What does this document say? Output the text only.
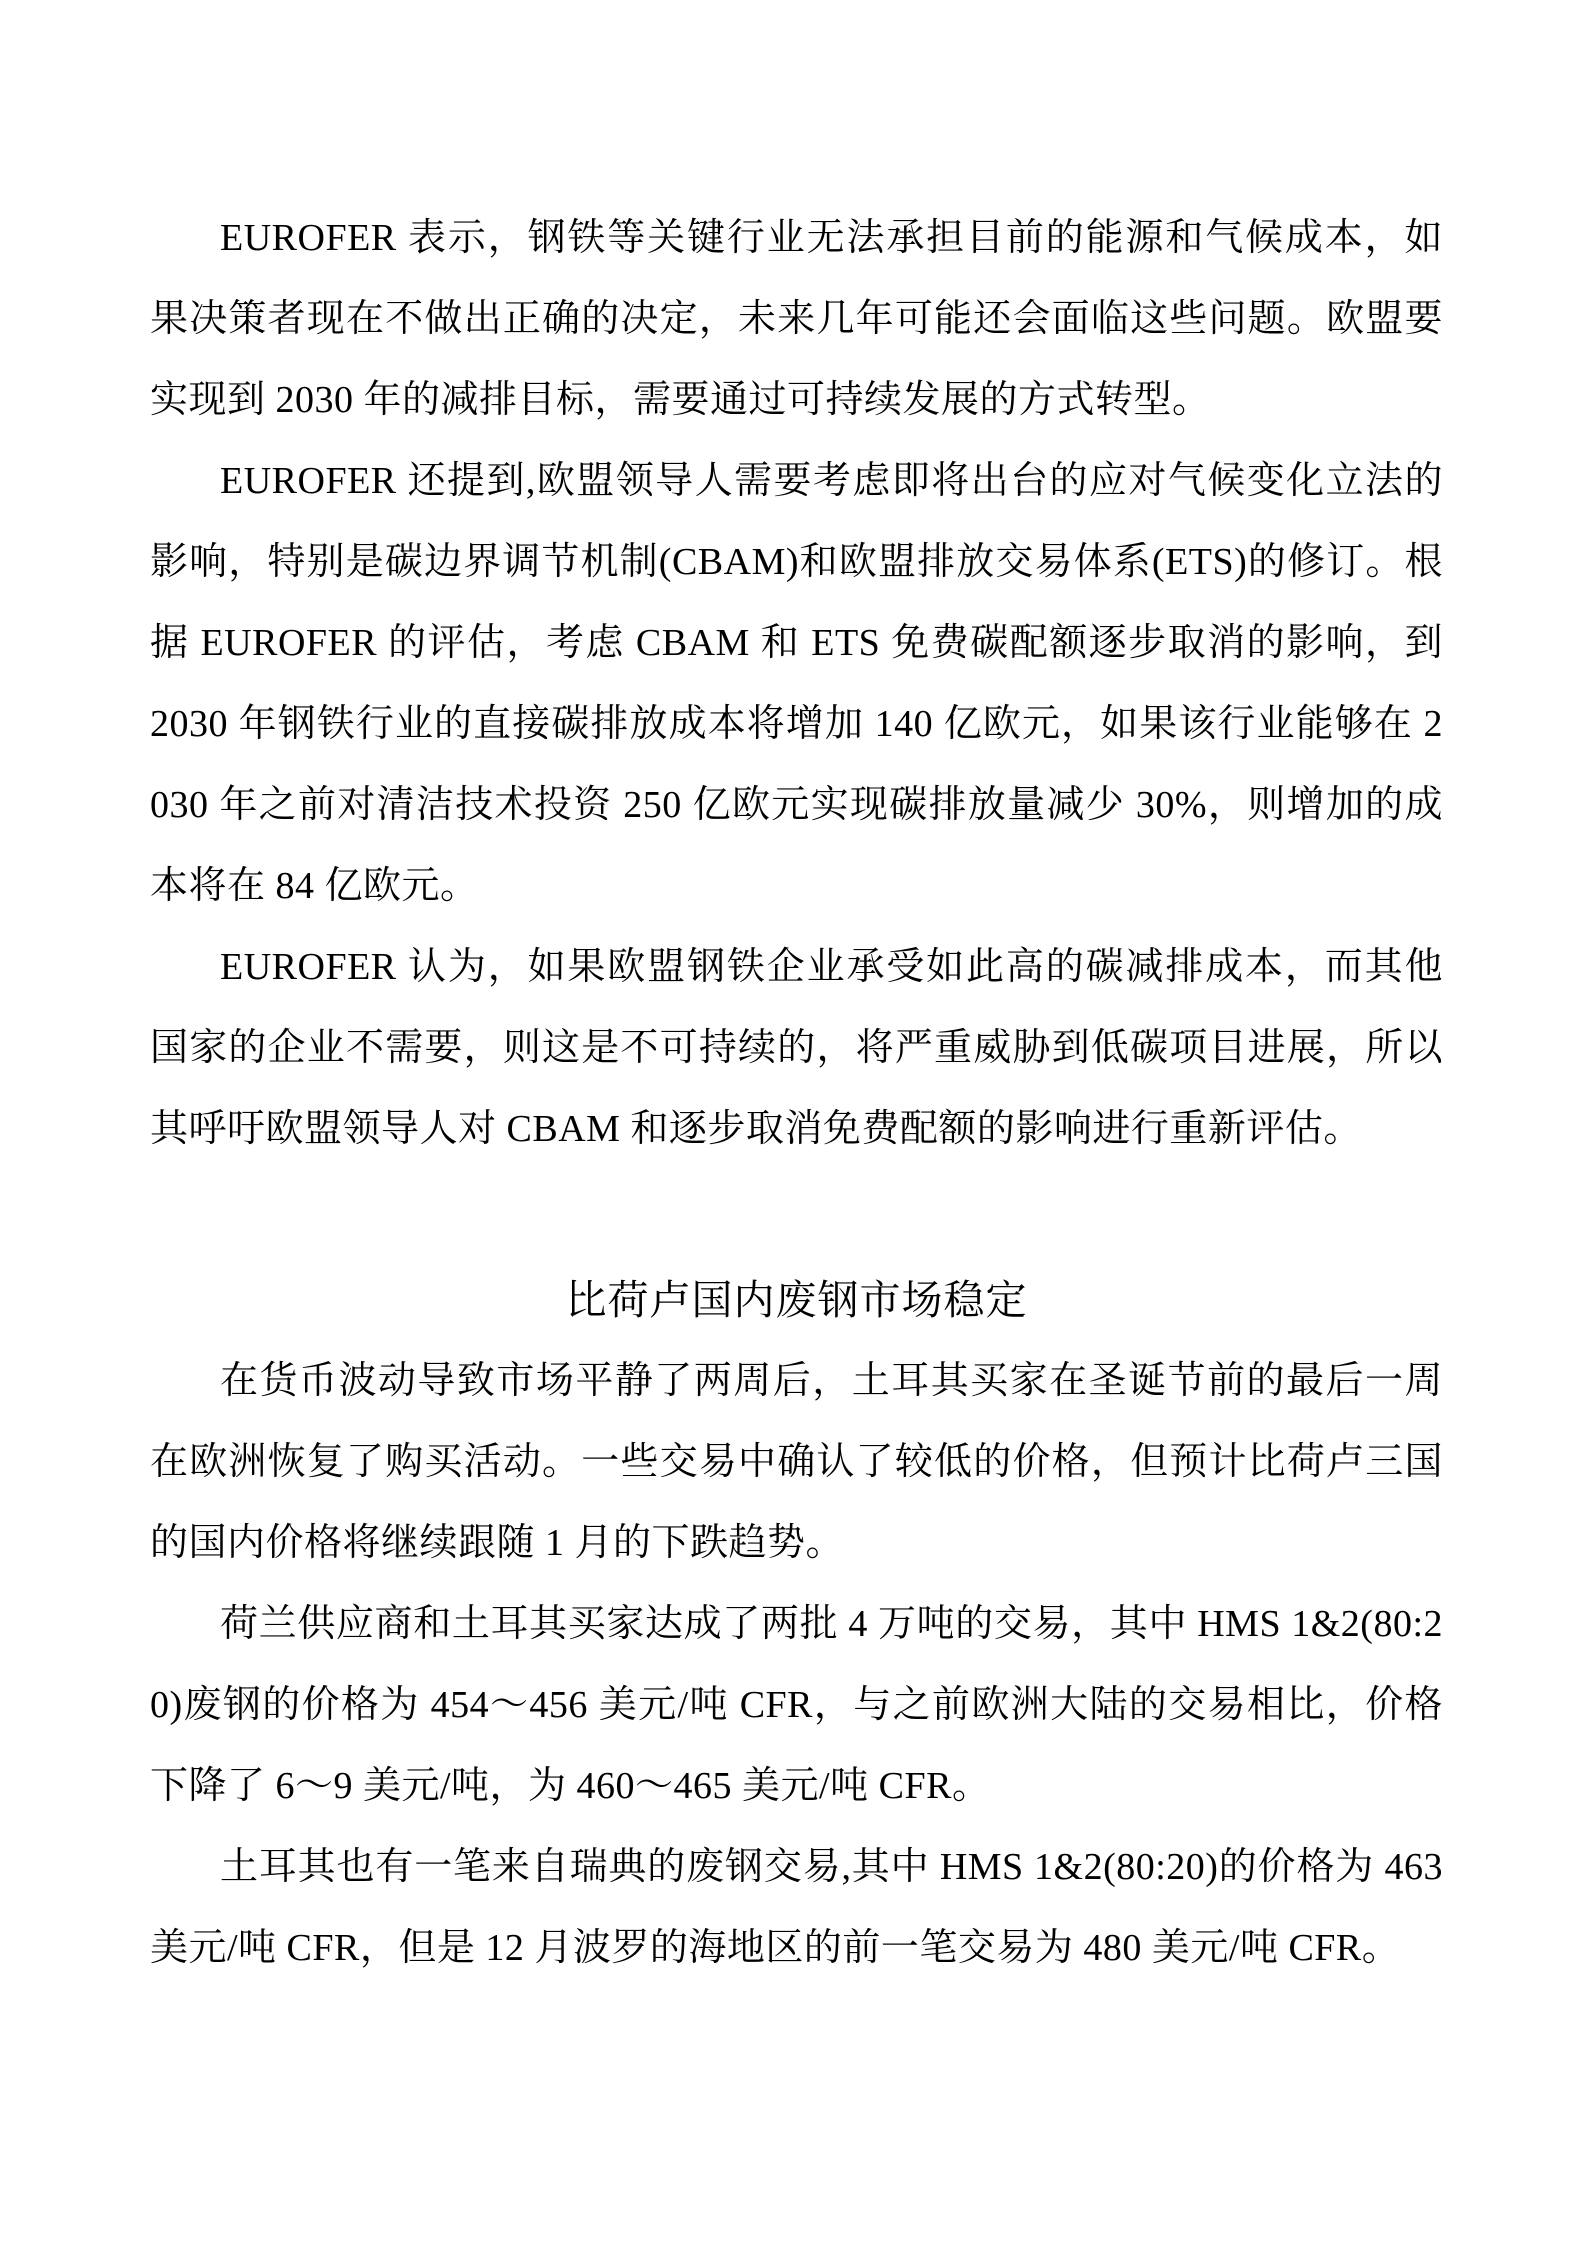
EUROFER 表示，钢铁等关键行业无法承担目前的能源和气候成本，如果决策者现在不做出正确的决定，未来几年可能还会面临这些问题。欧盟要实现到 2030 年的减排目标，需要通过可持续发展的方式转型。

EUROFER 还提到,欧盟领导人需要考虑即将出台的应对气候变化立法的影响，特别是碳边界调节机制(CBAM)和欧盟排放交易体系(ETS)的修订。根据 EUROFER 的评估，考虑 CBAM 和 ETS 免费碳配额逐步取消的影响，到 2030 年钢铁行业的直接碳排放成本将增加 140 亿欧元，如果该行业能够在 2030 年之前对清洁技术投资 250 亿欧元实现碳排放量减少 30%，则增加的成本将在 84 亿欧元。

EUROFER 认为，如果欧盟钢铁企业承受如此高的碳减排成本，而其他国家的企业不需要，则这是不可持续的，将严重威胁到低碳项目进展，所以其呼吁欧盟领导人对 CBAM 和逐步取消免费配额的影响进行重新评估。

比荷卢国内废钢市场稳定

在货币波动导致市场平静了两周后，土耳其买家在圣诞节前的最后一周在欧洲恢复了购买活动。一些交易中确认了较低的价格，但预计比荷卢三国的国内价格将继续跟随 1 月的下跌趋势。

荷兰供应商和土耳其买家达成了两批 4 万吨的交易，其中 HMS 1&2(80:20)废钢的价格为 454～456 美元/吨 CFR，与之前欧洲大陆的交易相比，价格下降了 6～9 美元/吨，为 460～465 美元/吨 CFR。

土耳其也有一笔来自瑞典的废钢交易,其中 HMS 1&2(80:20)的价格为 463 美元/吨 CFR，但是 12 月波罗的海地区的前一笔交易为 480 美元/吨 CFR。
